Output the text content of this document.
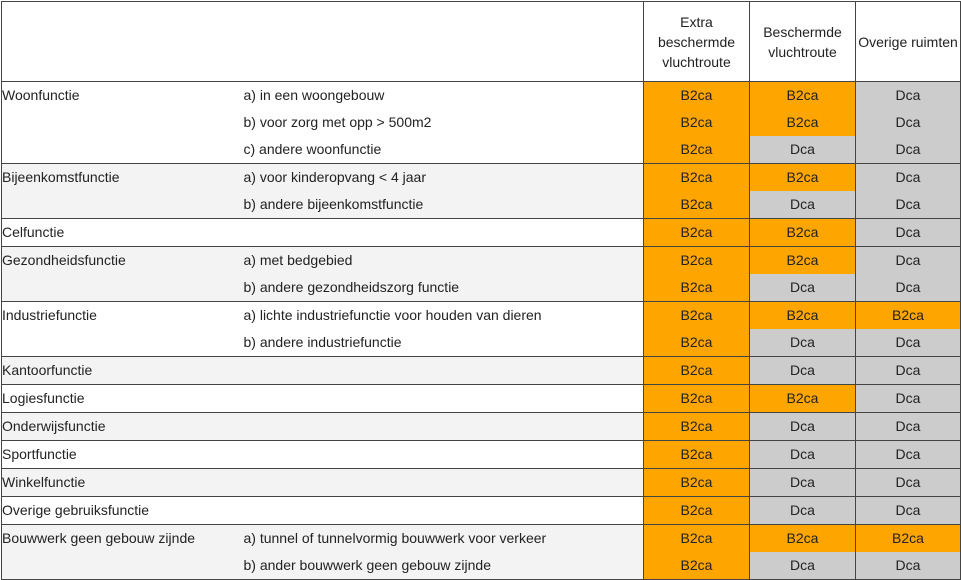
		Extra beschermde vluchtroute	Beschermde vluchtroute	Overige ruimten
Woonfunctie	a) in een woongebouw	B2ca	B2ca	Dca
	b) voor zorg met opp > 500m2	B2ca	B2ca	Dca
	c) andere woonfunctie	B2ca	Dca	Dca
Bijeenkomstfunctie	a) voor kinderopvang < 4 jaar	B2ca	B2ca	Dca
	b) andere bijeenkomstfunctie	B2ca	Dca	Dca
Celfunctie		B2ca	B2ca	Dca
Gezondheidsfunctie	a) met bedgebied	B2ca	B2ca	Dca
	b) andere gezondheidszorg functie	B2ca	Dca	Dca
Industriefunctie	a) lichte industriefunctie voor houden van dieren	B2ca	B2ca	B2ca
	b) andere industriefunctie	B2ca	Dca	Dca
Kantoorfunctie		B2ca	Dca	Dca
Logiesfunctie		B2ca	B2ca	Dca
Onderwijsfunctie		B2ca	Dca	Dca
Sportfunctie		B2ca	Dca	Dca
Winkelfunctie		B2ca	Dca	Dca
Overige gebruiksfunctie		B2ca	Dca	Dca
Bouwwerk geen gebouw zijnde	a) tunnel of tunnelvormig bouwwerk voor verkeer	B2ca	B2ca	B2ca
	b) ander bouwwerk geen gebouw zijnde	B2ca	Dca	Dca
